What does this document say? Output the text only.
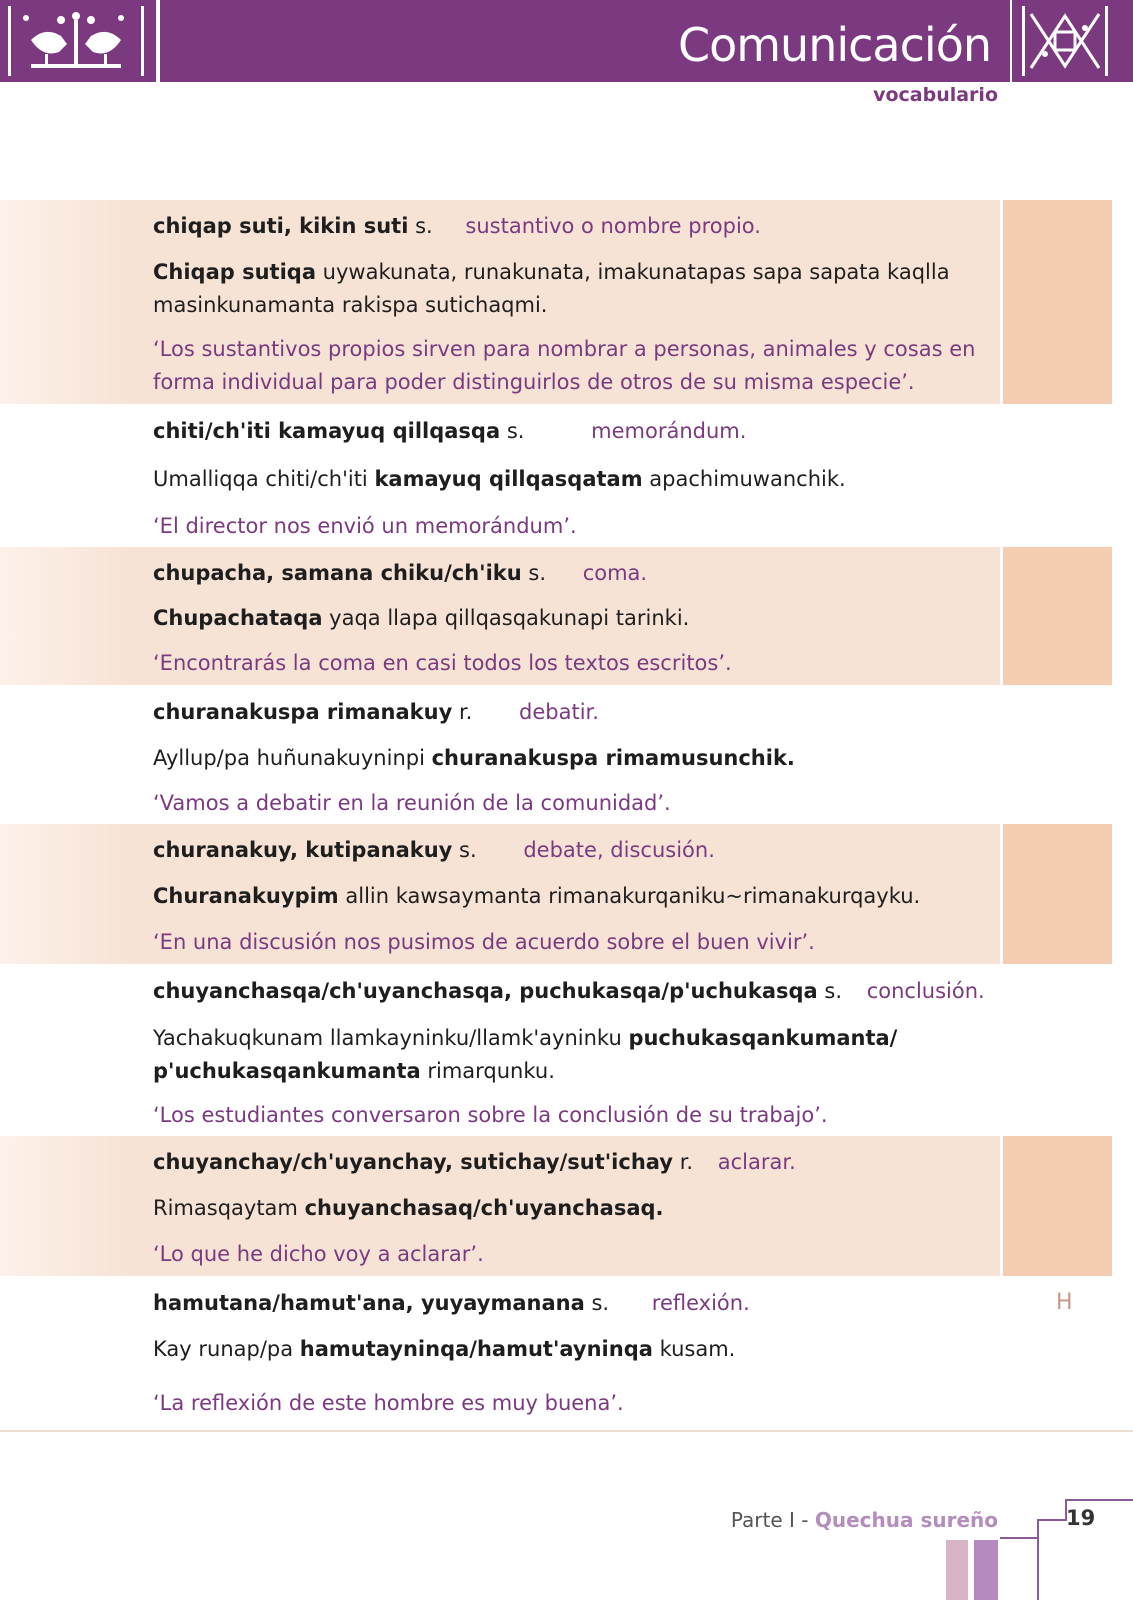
Comunicación
vocabulario
chiqap suti, kikin suti s. sustantivo o nombre propio.
Chiqap sutiqa uywakunata, runakunata, imakunatapas sapa sapata kaqlla
masinkunamanta rakispa sutichaqmi.
‘Los sustantivos propios sirven para nombrar a personas, animales y cosas en
forma individual para poder distinguirlos de otros de su misma especie’.
chiti/ch'iti kamayuq qillqasqa s.	memorándum.
Umalliqqa chiti/ch'iti kamayuq qillqasqatam apachimuwanchik.
‘El director nos envió un memorándum’.
chupacha, samana chiku/ch'iku s. coma.
Chupachataqa yaqa llapa qillqasqakunapi tarinki.
‘Encontrarás la coma en casi todos los textos escritos’.
churanakuspa rimanakuy r. debatir.
Ayllup/pa huñunakuyninpi churanakuspa rimamusunchik.
‘Vamos a debatir en la reunión de la comunidad’.
churanakuy, kutipanakuy s. debate, discusión.
Churanakuypim allin kawsaymanta rimanakurqaniku~rimanakurqayku.
‘En una discusión nos pusimos de acuerdo sobre el buen vivir’.
chuyanchasqa/ch'uyanchasqa, puchukasqa/p'uchukasqa s. conclusión.
Yachakuqkunam llamkayninku/llamk'ayninku puchukasqankumanta/
p'uchukasqankumanta rimarqunku.
‘Los estudiantes conversaron sobre la conclusión de su trabajo’.
chuyanchay/ch'uyanchay, sutichay/sut'ichay r. aclarar.
Rimasqaytam chuyanchasaq/ch'uyanchasaq.
‘Lo que he dicho voy a aclarar’.
hamutana/hamut'ana, yuyaymanana s. reflexión.
Kay runap/pa hamutayninqa/hamut'ayninqa kusam.
‘La reflexión de este hombre es muy buena’.
H
Parte I - Quechua sureño	19
